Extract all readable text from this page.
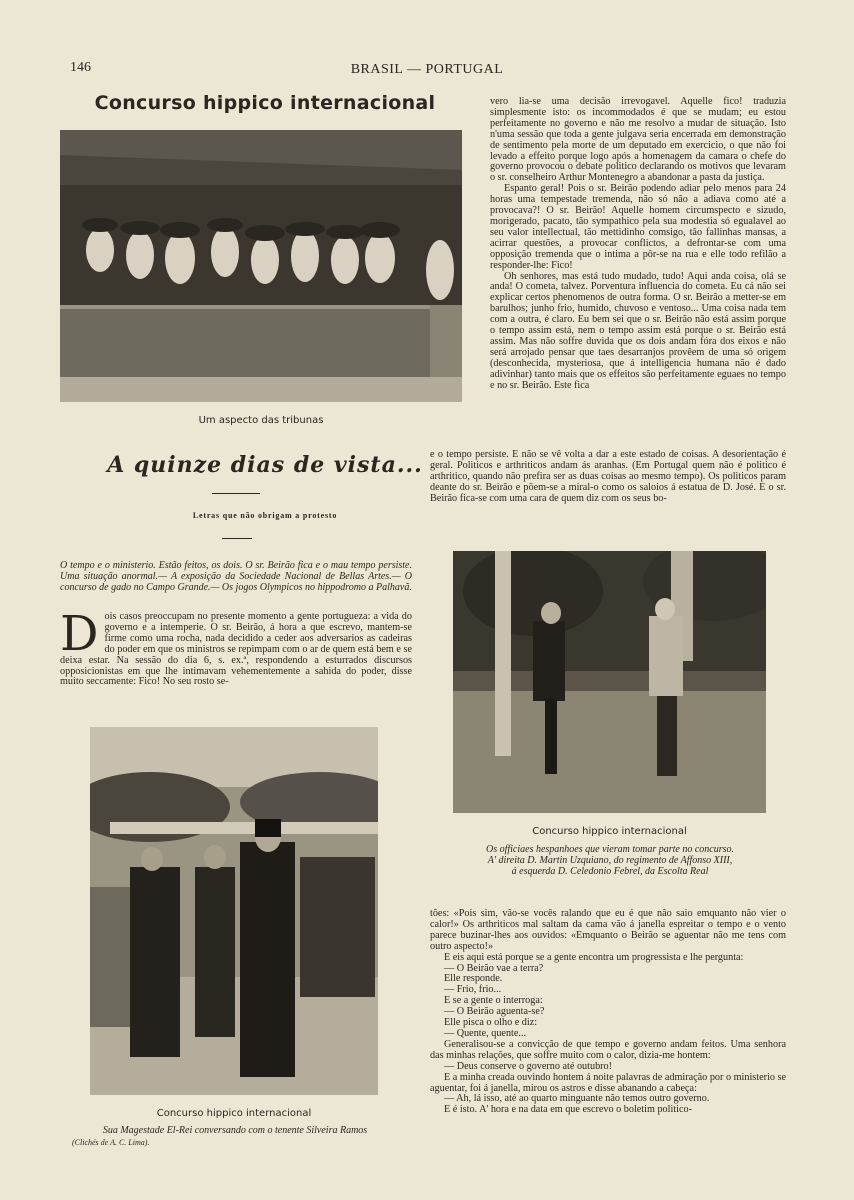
146	BRASIL — PORTUGAL
Concurso hippico internacional
Um aspecto das tribunas
A quinze dias de vista...
Letras que não obrigam a protesto
O tempo e o ministerio. Estão feitos, os dois. O sr. Beirão fica e o mau tempo persiste. Uma situação anormal.— A exposição da Sociedade Nacional de Bellas Artes.— O concurso de gado no Campo Grande.— Os jogos Olympicos no hippodromo a Palhavã.
Dois casos preoccupam no presente momento a gente portugueza: a vida do governo e a intemperie. O sr. Beirão, á hora a que escrevo, mantem-se firme como uma rocha, nada decidido a ceder aos adversarios as cadeiras do poder em que os ministros se repimpam com o ar de quem está bem e se deixa estar. Na sessão do dia 6, s. ex.ª, respondendo a esturrados discursos opposicionistas em que lhe intimavam vehementemente a sahida do poder, disse muito seccamente: Fico! No seu rosto se-

vero lia-se uma decisão irrevogavel. Aquelle fico! traduzia simplesmente isto: os incommodados é que se mudam; eu estou perfeitamente no governo e não me resolvo a mudar de situação. Isto n'uma sessão que toda a gente julgava seria encerrada em demonstração de sentimento pela morte de um deputado em exercicio, o que não foi levado a effeito porque logo após a homenagem da camara o chefe do governo provocou o debate politico declarando os motivos que levaram o sr. conselheiro Arthur Montenegro a abandonar a pasta da justiça.

Espanto geral! Pois o sr. Beirão podendo adiar pelo menos para 24 horas uma tempestade tremenda, não só não a adiava como até a provocava?! O sr. Beirão! Aquelle homem circumspecto e sizudo, morigerado, pacato, tão sympathico pela sua modestia só egualavel ao seu valor intellectual, tão mettidinho comsigo, tão fallinhas mansas, a acirrar questões, a provocar conflictos, a defrontar-se com uma opposição tremenda que o intima a pôr-se na rua e elle todo refilão a responder-lhe: Fico!

Oh senhores, mas está tudo mudado, tudo! Aqui anda coisa, olá se anda! O cometa, talvez. Porventura influencia do cometa. Eu cá não sei explicar certos phenomenos de outra forma. O sr. Beirão a metter-se em barulhos; junho frio, humido, chuvoso e ventoso... Uma coisa nada tem com a outra, é claro. Eu bem sei que o sr. Beirão não está assim porque o tempo assim está, nem o tempo assim está porque o sr. Beirão está assim. Mas não soffre duvida que os dois andam fóra dos eixos e não será arrojado pensar que taes desarranjos provêem de uma só origem (desconhecida, mysteriosa, que á intelligencia humana não é dado adivinhar) tanto mais que os effeitos são perfeitamente eguaes no tempo e no sr. Beirão. Este fica

e o tempo persiste. E não se vê volta a dar a este estado de coisas. A desorientação é geral. Politicos e arthriticos andam ás aranhas. (Em Portugal quem não é politico é arthritico, quando não prefira ser as duas coisas ao mesmo tempo). Os politicos param deante do sr. Beirão e põem-se a miral-o como os saloios á estatua de D. José. E o sr. Beirão fica-se com uma cara de quem diz com os seus bo-
Concurso hippico internacional
Os officiaes hespanhoes que vieram tomar parte no concurso.
A' direita D. Martin Uzquiano, do regimento de Affonso XIII,
á esquerda D. Celedonio Febrel, da Escolta Real

tões: «Pois sim, vão-se vocês ralando que eu é que não saio emquanto não vier o calor!» Os arthriticos mal saltam da cama vão á janella espreitar o tempo e o vento parece buzinar-lhes aos ouvidos: «Emquanto o Beirão se aguentar não me tens com outro aspecto!»

E eis aqui está porque se a gente encontra um progressista e lhe pergunta:

— O Beirão vae a terra?

Elle responde.

— Frio, frio...

E se a gente o interroga:

— O Beirão aguenta-se?

Elle pisca o olho e diz:

— Quente, quente...

Generalisou-se a convicção de que tempo e governo andam feitos. Uma senhora das minhas relações, que soffre muito com o calor, dizia-me hontem:

— Deus conserve o governo até outubro!

E a minha creada ouvindo hontem á noite palavras de admiração por o ministerio se aguentar, foi á janella, mirou os astros e disse abanando a cabeça:

— Ah, lá isso, até ao quarto minguante não temos outro governo.

E é isto. A' hora e na data em que escrevo o boletim politico-

Concurso hippico internacional
Sua Magestade El-Rei conversando com o tenente Silveira Ramos
(Clichés de A. C. Lima).
